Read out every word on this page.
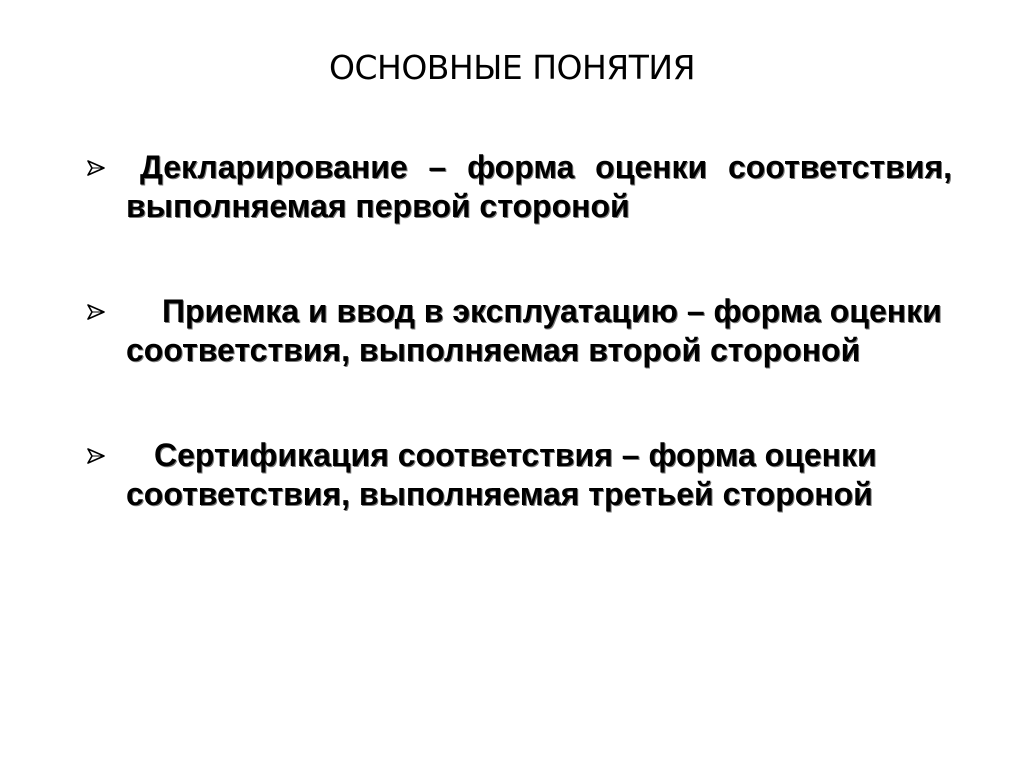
ОСНОВНЫЕ ПОНЯТИЯ
Декларирование – форма оценки соответствия, выполняемая первой стороной
Приемка и ввод в эксплуатацию – форма оценки соответствия, выполняемая второй стороной
Сертификация соответствия – форма оценки соответствия, выполняемая третьей стороной
